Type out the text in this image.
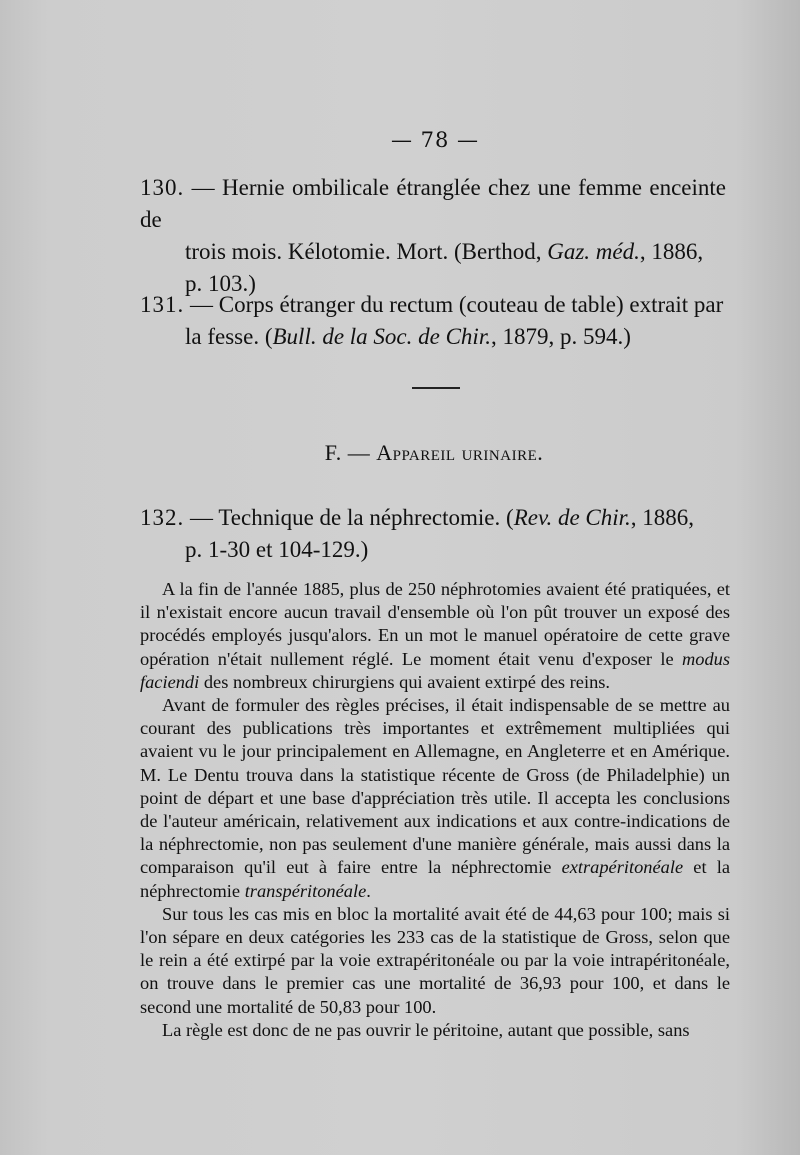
— 78 —
130. — Hernie ombilicale étranglée chez une femme enceinte de
trois mois. Kélotomie. Mort. (Berthod, Gaz. méd., 1886,
p. 103.)
131. — Corps étranger du rectum (couteau de table) extrait par
la fesse. (Bull. de la Soc. de Chir., 1879, p. 594.)
F. — Appareil urinaire.
132. — Technique de la néphrectomie. (Rev. de Chir., 1886,
p. 1-30 et 104-129.)

A la fin de l'année 1885, plus de 250 néphrotomies avaient été pratiquées, et il n'existait encore aucun travail d'ensemble où l'on pût trouver un exposé des procédés employés jusqu'alors. En un mot le manuel opératoire de cette grave opération n'était nullement réglé. Le moment était venu d'exposer le modus faciendi des nombreux chirurgiens qui avaient extirpé des reins.

Avant de formuler des règles précises, il était indispensable de se mettre au courant des publications très importantes et extrêmement multipliées qui avaient vu le jour principalement en Allemagne, en Angleterre et en Amérique. M. Le Dentu trouva dans la statistique récente de Gross (de Philadelphie) un point de départ et une base d'appréciation très utile. Il accepta les conclusions de l'auteur américain, relativement aux indications et aux contre-indications de la néphrectomie, non pas seulement d'une manière générale, mais aussi dans la comparaison qu'il eut à faire entre la néphrectomie extrapéritonéale et la néphrectomie transpéritonéale.

Sur tous les cas mis en bloc la mortalité avait été de 44,63 pour 100; mais si l'on sépare en deux catégories les 233 cas de la statistique de Gross, selon que le rein a été extirpé par la voie extrapéritonéale ou par la voie intrapéritonéale, on trouve dans le premier cas une mortalité de 36,93 pour 100, et dans le second une mortalité de 50,83 pour 100.

La règle est donc de ne pas ouvrir le péritoine, autant que possible, sans
